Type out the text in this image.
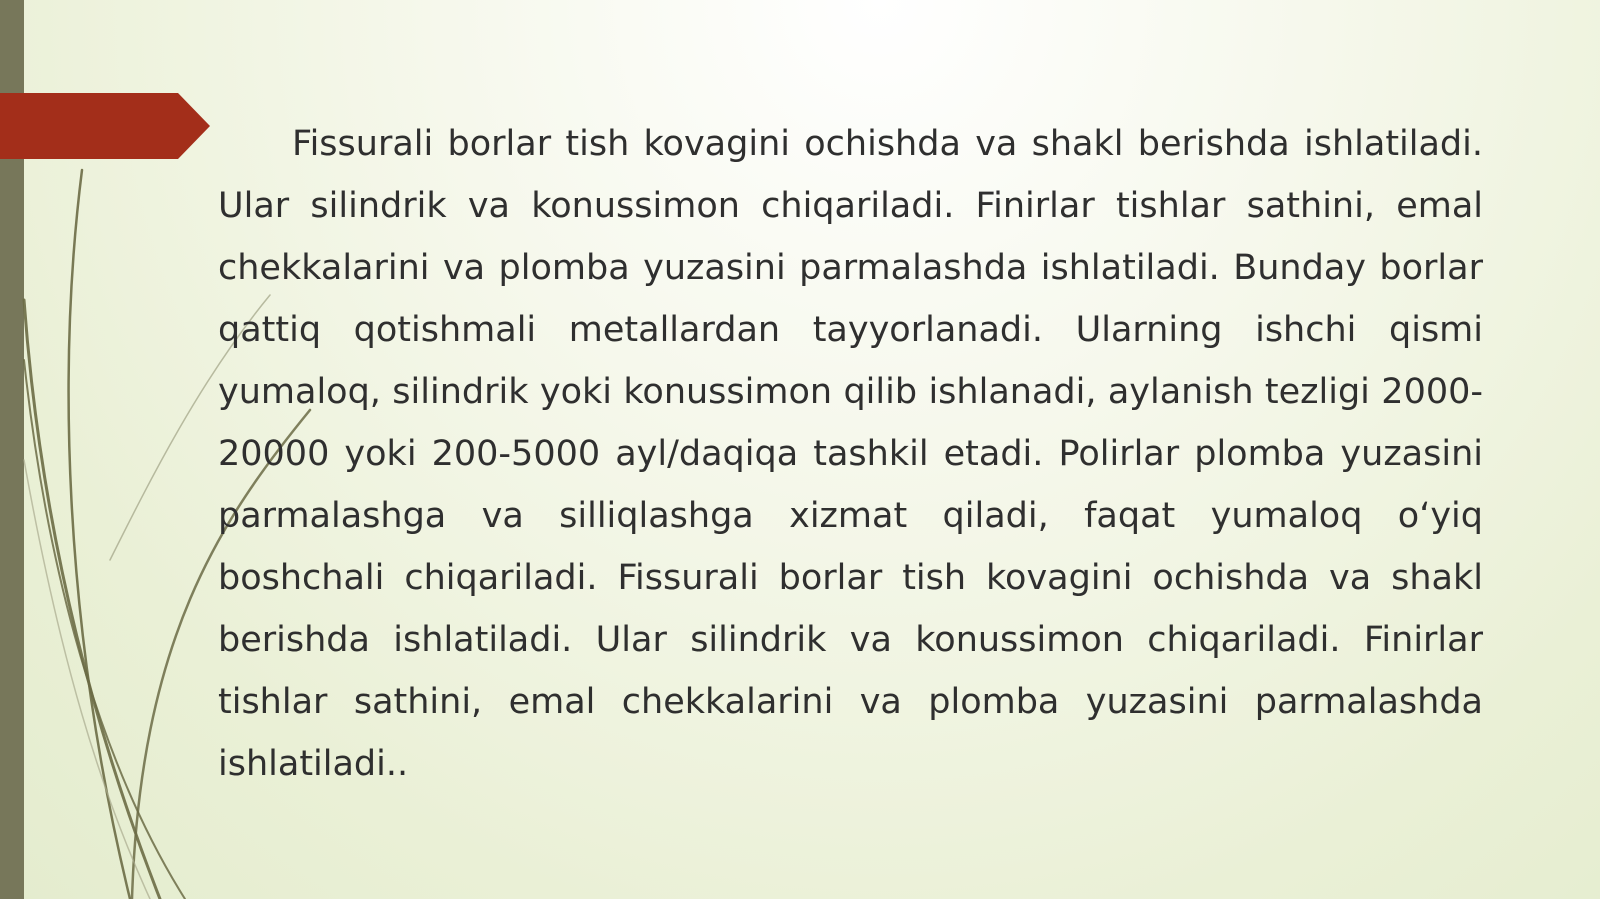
Fissurali borlar tish kovagini ochishda va shakl berishda ishlatiladi. Ular silindrik va konussimon chiqariladi. Finirlar tishlar sathini, emal chekkalarini va plomba yuzasini parmalashda ishlatiladi. Bunday borlar qattiq qotishmali metallardan tayyorlanadi. Ularning ishchi qismi yumaloq, silindrik yoki konussimon qilib ishlanadi, aylanish tezligi 2000-20000 yoki 200-5000 ayl/daqiqa tashkil etadi. Polirlar plomba yuzasini parmalashga va silliqlashga xizmat qiladi, faqat yumaloq o‘yiq boshchali chiqariladi. Fissurali borlar tish kovagini ochishda va shakl berishda ishlatiladi. Ular silindrik va konussimon chiqariladi. Finirlar tishlar sathini, emal chekkalarini va plomba yuzasini parmalashda ishlatiladi..
